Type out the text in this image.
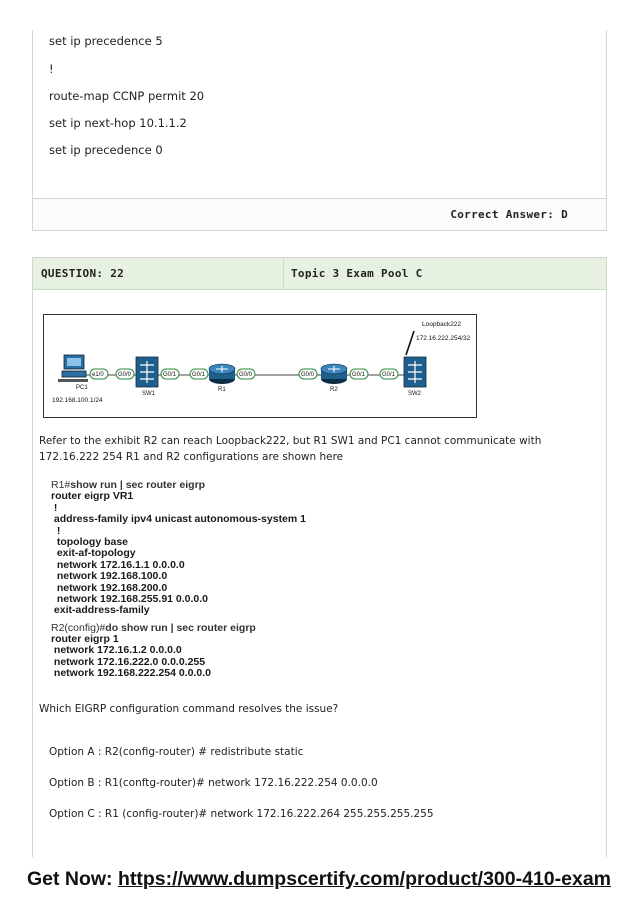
set ip precedence 5
!
route-map CCNP permit 20
set ip next-hop 10.1.1.2
set ip precedence 0
Correct Answer: D
QUESTION: 22	Topic 3 Exam Pool C
e1/0 G0/0	G0/1	G0/1	G0/0	G0/0	G0/1	G0/1
PC1
192.168.100.1/24
SW1
R1	R2
SW2
Loopback222
172.16.222.254/32
Refer to the exhibit R2 can reach Loopback222, but R1 SW1 and PC1 cannot communicate with 172.16.222 254 R1 and R2 configurations are shown here
R1#show run | sec router eigrp
router eigrp VR1
!
address-family ipv4 unicast autonomous-system 1
!
topology base
exit-af-topology
network 172.16.1.1 0.0.0.0
network 192.168.100.0
network 192.168.200.0
network 192.168.255.91 0.0.0.0
exit-address-family
R2(config)#do show run | sec router eigrp
router eigrp 1
network 172.16.1.2 0.0.0.0
network 172.16.222.0 0.0.0.255
network 192.168.222.254 0.0.0.0
Which EIGRP configuration command resolves the issue?
Option A : R2(config-router) # redistribute static
Option B : R1(conftg-router)# network 172.16.222.254 0.0.0.0
Option C : R1 (config-router)# network 172.16.222.264 255.255.255.255
Get Now: https://www.dumpscertify.com/product/300-410-exam
